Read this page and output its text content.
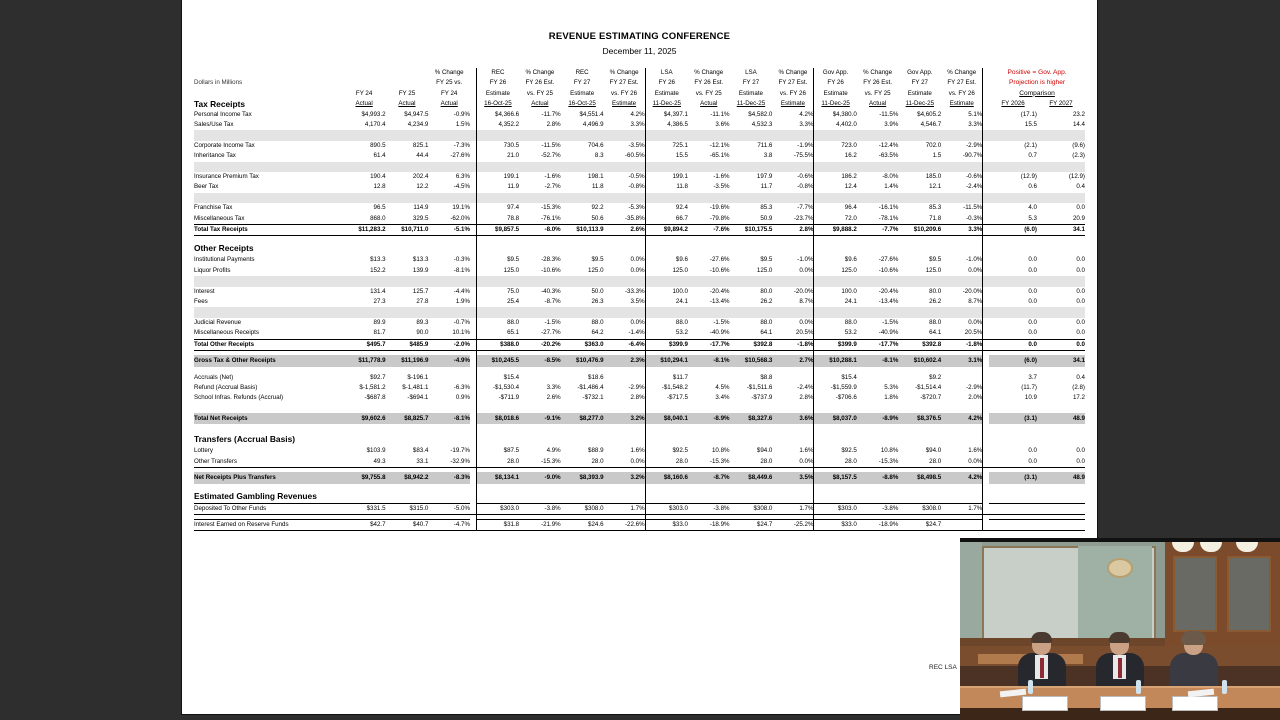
REVENUE ESTIMATING CONFERENCE
December 11, 2025
			% Change		REC	% Change	REC	% Change	LSA	% Change	LSA	% Change	Gov App.	% Change	Gov App.	% Change		Positive = Gov. App.	
Dollars in Millions			FY 25 vs.		FY 26	FY 26 Est.	FY 27	FY 27 Est.	FY 26	FY 26 Est.	FY 27	FY 27 Est.	FY 26	FY 26 Est.	FY 27	FY 27 Est.		Projection is higher	
	FY 24	FY 25	FY 24		Estimate	vs. FY 25	Estimate	vs. FY 26	Estimate	vs. FY 25	Estimate	vs. FY 26	Estimate	vs. FY 25	Estimate	vs. FY 26		Comparison	
Tax Receipts	Actual	Actual	Actual		16-Oct-25	Actual	16-Oct-25	Estimate	11-Dec-25	Actual	11-Dec-25	Estimate	11-Dec-25	Actual	11-Dec-25	Estimate		FY 2026	FY 2027
Personal Income Tax	$4,993.2	$4,947.5	-0.9%		$4,366.6	-11.7%	$4,551.4	4.2%	$4,397.1	-11.1%	$4,582.0	4.2%	$4,380.0	-11.5%	$4,605.2	5.1%		(17.1)	23.2
Sales/Use Tax	4,170.4	4,234.9	1.5%		4,352.2	2.8%	4,496.9	3.3%	4,386.5	3.6%	4,532.3	3.3%	4,402.0	3.9%	4,546.7	3.3%		15.5	14.4

Corporate Income Tax	890.5	825.1	-7.3%		730.5	-11.5%	704.6	-3.5%	725.1	-12.1%	711.6	-1.9%	723.0	-12.4%	702.0	-2.9%		(2.1)	(9.6)
Inheritance Tax	61.4	44.4	-27.6%		21.0	-52.7%	8.3	-60.5%	15.5	-65.1%	3.8	-75.5%	16.2	-63.5%	1.5	-90.7%		0.7	(2.3)

Insurance Premium Tax	190.4	202.4	6.3%		199.1	-1.6%	198.1	-0.5%	199.1	-1.6%	197.9	-0.6%	186.2	-8.0%	185.0	-0.6%		(12.9)	(12.9)
Beer Tax	12.8	12.2	-4.5%		11.9	-2.7%	11.8	-0.8%	11.8	-3.5%	11.7	-0.8%	12.4	1.4%	12.1	-2.4%		0.6	0.4

Franchise Tax	96.5	114.9	19.1%		97.4	-15.3%	92.2	-5.3%	92.4	-19.6%	85.3	-7.7%	96.4	-16.1%	85.3	-11.5%		4.0	0.0
Miscellaneous Tax	868.0	329.5	-62.0%		78.8	-76.1%	50.6	-35.8%	66.7	-79.8%	50.9	-23.7%	72.0	-78.1%	71.8	-0.3%		5.3	20.9
Total Tax Receipts	$11,283.2	$10,711.0	-5.1%		$9,857.5	-8.0%	$10,113.9	2.6%	$9,894.2	-7.6%	$10,175.5	2.8%	$9,888.2	-7.7%	$10,209.6	3.3%		(6.0)	34.1

Other Receipts																			
Institutional Payments	$13.3	$13.3	-0.3%		$9.5	-28.3%	$9.5	0.0%	$9.6	-27.6%	$9.5	-1.0%	$9.6	-27.6%	$9.5	-1.0%		0.0	0.0
Liquor Profits	152.2	139.9	-8.1%		125.0	-10.6%	125.0	0.0%	125.0	-10.6%	125.0	0.0%	125.0	-10.6%	125.0	0.0%		0.0	0.0

Interest	131.4	125.7	-4.4%		75.0	-40.3%	50.0	-33.3%	100.0	-20.4%	80.0	-20.0%	100.0	-20.4%	80.0	-20.0%		0.0	0.0
Fees	27.3	27.8	1.9%		25.4	-8.7%	26.3	3.5%	24.1	-13.4%	26.2	8.7%	24.1	-13.4%	26.2	8.7%		0.0	0.0

Judicial Revenue	89.9	89.3	-0.7%		88.0	-1.5%	88.0	0.0%	88.0	-1.5%	88.0	0.0%	88.0	-1.5%	88.0	0.0%		0.0	0.0
Miscellaneous Receipts	81.7	90.0	10.1%		65.1	-27.7%	64.2	-1.4%	53.2	-40.9%	64.1	20.5%	53.2	-40.9%	64.1	20.5%		0.0	0.0
Total Other Receipts	$495.7	$485.9	-2.0%		$388.0	-20.2%	$363.0	-6.4%	$399.9	-17.7%	$392.8	-1.8%	$399.9	-17.7%	$392.8	-1.8%		0.0	0.0

Gross Tax & Other Receipts	$11,778.9	$11,196.9	-4.9%		$10,245.5	-8.5%	$10,476.9	2.3%	$10,294.1	-8.1%	$10,568.3	2.7%	$10,288.1	-8.1%	$10,602.4	3.1%		(6.0)	34.1

Accruals (Net)	$92.7	$-196.1			$15.4		$18.6		$11.7		$8.8		$15.4		$9.2			3.7	0.4
Refund (Accrual Basis)	$-1,581.2	$-1,481.1	-6.3%		-$1,530.4	3.3%	-$1,486.4	-2.9%	-$1,548.2	4.5%	-$1,511.6	-2.4%	-$1,559.9	5.3%	-$1,514.4	-2.9%		(11.7)	(2.8)
School Infras. Refunds (Accrual)	-$687.8	-$694.1	0.9%		-$711.9	2.6%	-$732.1	2.8%	-$717.5	3.4%	-$737.9	2.8%	-$706.6	1.8%	-$720.7	2.0%		10.9	17.2

Total Net Receipts	$9,602.6	$8,825.7	-8.1%		$8,018.6	-9.1%	$8,277.0	3.2%	$8,040.1	-8.9%	$8,327.6	3.6%	$8,037.0	-8.9%	$8,376.5	4.2%		(3.1)	48.9

Transfers (Accrual Basis)																			
Lottery	$103.9	$83.4	-19.7%		$87.5	4.9%	$88.9	1.6%	$92.5	10.8%	$94.0	1.6%	$92.5	10.8%	$94.0	1.6%		0.0	0.0
Other Transfers	49.3	33.1	-32.9%		28.0	-15.3%	28.0	0.0%	28.0	-15.3%	28.0	0.0%	28.0	-15.3%	28.0	0.0%		0.0	0.0

Net Receipts Plus Transfers	$9,755.8	$8,942.2	-8.3%		$8,134.1	-9.0%	$8,393.9	3.2%	$8,160.6	-8.7%	$8,449.6	3.5%	$8,157.5	-8.8%	$8,498.5	4.2%		(3.1)	48.9

Estimated Gambling Revenues																			
Deposited To Other Funds	$331.5	$315.0	-5.0%		$303.0	-3.8%	$308.0	1.7%	$303.0	-3.8%	$308.0	1.7%	$303.0	-3.8%	$308.0	1.7%			

Interest Earned on Reserve Funds	$42.7	$40.7	-4.7%		$31.8	-21.9%	$24.6	-22.6%	$33.0	-18.9%	$24.7	-25.2%	$33.0	-18.9%	$24.7				
REC LSA
